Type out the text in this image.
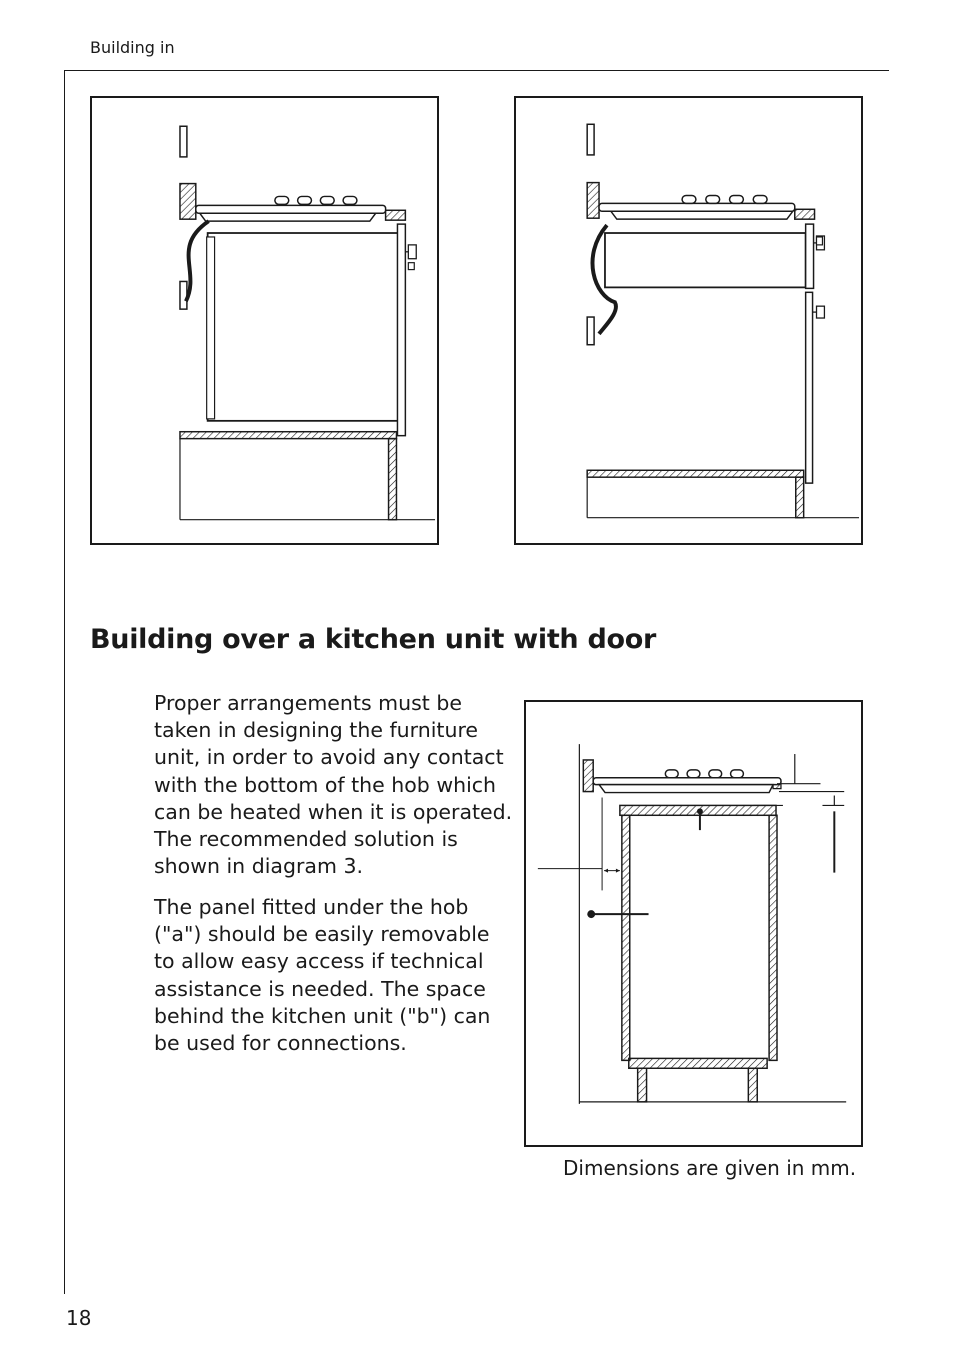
Building in
Building over a kitchen unit with door
Proper arrangements must be
taken in designing the furniture
unit, in order to avoid any contact
with the bottom of the hob which
can be heated when it is operated.
The recommended solution is
shown in diagram 3.
The panel fitted under the hob
("a") should be easily removable
to allow easy access if technical
assistance is needed. The space
behind the kitchen unit ("b") can
be used for connections.
Dimensions are given in mm.
18
